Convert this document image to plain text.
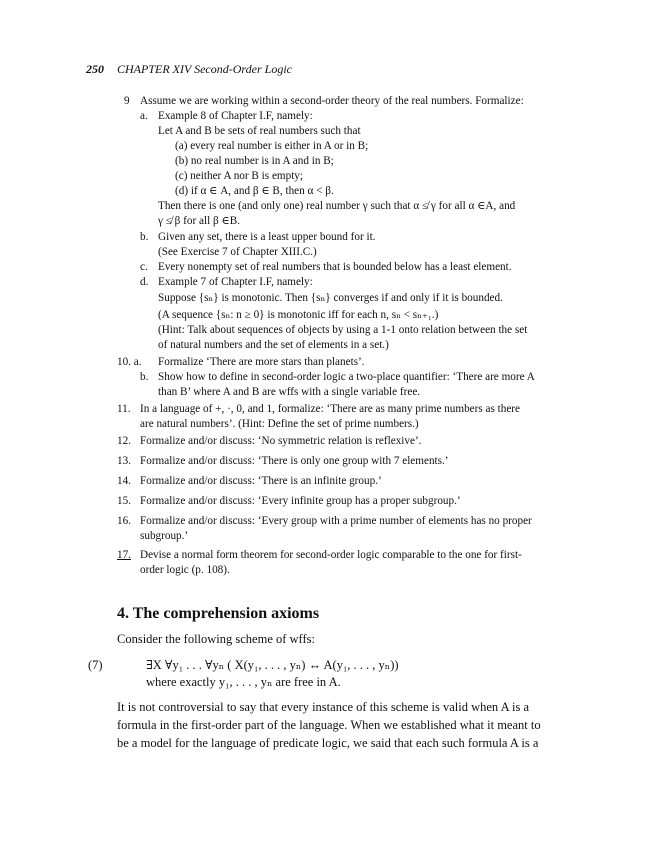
250 CHAPTER XIV Second-Order Logic
9 Assume we are working within a second-order theory of the real numbers. Formalize:
a. Example 8 of Chapter I.F, namely:
Let A and B be sets of real numbers such that
(a) every real number is either in A or in B;
(b) no real number is in A and in B;
(c) neither A nor B is empty;
(d) if α ∈ A, and β ∈ B, then α < β.
Then there is one (and only one) real number γ such that α ≰ γ for all α ∈A, and
γ ≰ β for all β ∈B.
b. Given any set, there is a least upper bound for it.
(See Exercise 7 of Chapter XIII.C.)
c. Every nonempty set of real numbers that is bounded below has a least element.
d. Example 7 of Chapter I.F, namely:
Suppose {sₙ} is monotonic. Then {sₙ} converges if and only if it is bounded.
(A sequence {sₙ: n ≥ 0} is monotonic iff for each n, sₙ < sₙ₊₁.)
(Hint: Talk about sequences of objects by using a 1-1 onto relation between the set
of natural numbers and the set of elements in a set.)
10. a. Formalize ‘There are more stars than planets’.
b. Show how to define in second-order logic a two-place quantifier: ‘There are more A
than B’ where A and B are wffs with a single variable free.
11. In a language of +, ·, 0, and 1, formalize: ‘There are as many prime numbers as there
are natural numbers’. (Hint: Define the set of prime numbers.)
12. Formalize and/or discuss: ‘No symmetric relation is reflexive’.
13. Formalize and/or discuss: ‘There is only one group with 7 elements.’
14. Formalize and/or discuss: ‘There is an infinite group.’
15. Formalize and/or discuss: ‘Every infinite group has a proper subgroup.’
16. Formalize and/or discuss: ‘Every group with a prime number of elements has no proper
subgroup.’
17. Devise a normal form theorem for second-order logic comparable to the one for first-
order logic (p. 108).
4. The comprehension axioms
Consider the following scheme of wffs:
(7)	∃X ∀y₁ . . . ∀yₙ ( X(y₁, . . . , yₙ) ↔ A(y₁, . . . , yₙ))
where exactly y₁, . . . , yₙ are free in A.
It is not controversial to say that every instance of this scheme is valid when A is a
formula in the first-order part of the language. When we established what it meant to
be a model for the language of predicate logic, we said that each such formula A is a
